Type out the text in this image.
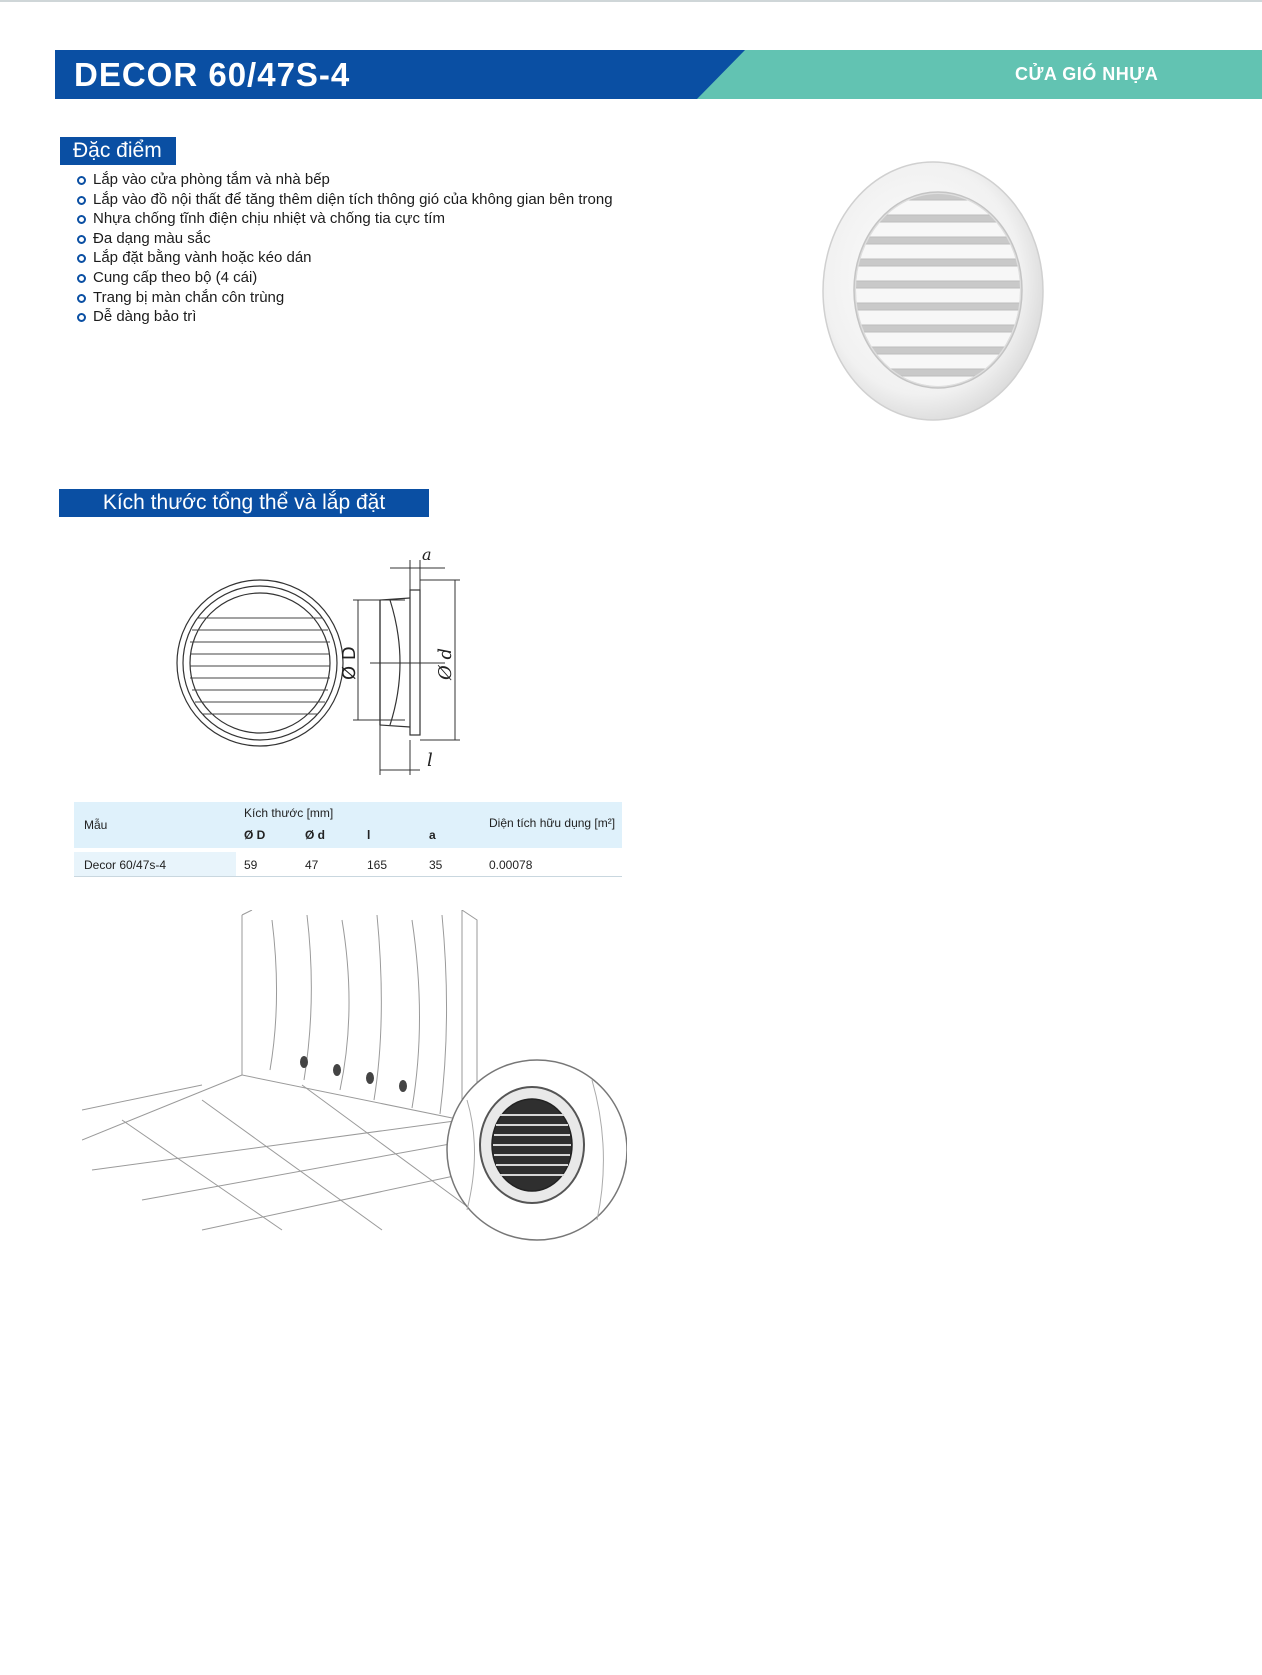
DECOR 60/47S-4	CỬA GIÓ NHỰA
Đặc điểm
Lắp vào cửa phòng tắm và nhà bếp
Lắp vào đồ nội thất để tăng thêm diện tích thông gió của không gian bên trong
Nhựa chống tĩnh điện chịu nhiệt và chống tia cực tím
Đa dạng màu sắc
Lắp đặt bằng vành hoặc kéo dán
Cung cấp theo bộ (4 cái)
Trang bị màn chắn côn trùng
Dễ dàng bảo trì
Kích thước tổng thể và lắp đặt
a
Ø D	Ø d
l
Mẫu
Kích thước [mm]
Ø D	Ø d	l	a
Diện tích hữu dụng [m²]
Decor 60/47s-4	59	47	165	35	0.00078
